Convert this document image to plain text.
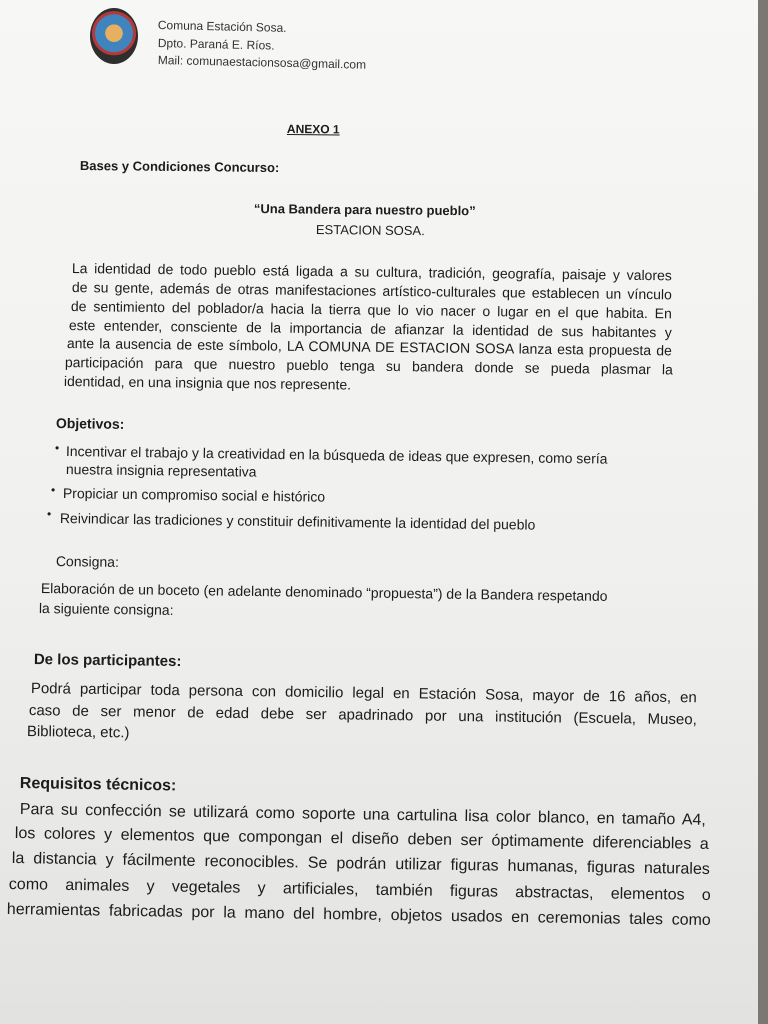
Comuna Estación Sosa.
Dpto. Paraná E. Ríos.
Mail: comunaestacionsosa@gmail.com
ANEXO 1
Bases y Condiciones Concurso:
“Una Bandera para nuestro pueblo”
ESTACION SOSA.
La identidad de todo pueblo está ligada a su cultura, tradición, geografía, paisaje y valores
de su gente, además de otras manifestaciones artístico-culturales que establecen un vínculo
de sentimiento del poblador/a hacia la tierra que lo vio nacer o lugar en el que habita. En
este entender, consciente de la importancia de afianzar la identidad de sus habitantes y
ante la ausencia de este símbolo, LA COMUNA DE ESTACION SOSA lanza esta propuesta de
participación para que nuestro pueblo tenga su bandera donde se pueda plasmar la
identidad, en una insignia que nos represente.
Objetivos:
• Incentivar el trabajo y la creatividad en la búsqueda de ideas que expresen, como sería
nuestra insignia representativa
• Propiciar un compromiso social e histórico
• Reivindicar las tradiciones y constituir definitivamente la identidad del pueblo
Consigna:
Elaboración de un boceto (en adelante denominado “propuesta”) de la Bandera respetando
la siguiente consigna:
De los participantes:
Podrá participar toda persona con domicilio legal en Estación Sosa, mayor de 16 años, en
caso de ser menor de edad debe ser apadrinado por una institución (Escuela, Museo,
Biblioteca, etc.)
Requisitos técnicos:
Para su confección se utilizará como soporte una cartulina lisa color blanco, en tamaño A4,
los colores y elementos que compongan el diseño deben ser óptimamente diferenciables a
la distancia y fácilmente reconocibles. Se podrán utilizar figuras humanas, figuras naturales
como animales y vegetales y artificiales, también figuras abstractas, elementos o
herramientas fabricadas por la mano del hombre, objetos usados en ceremonias tales como
